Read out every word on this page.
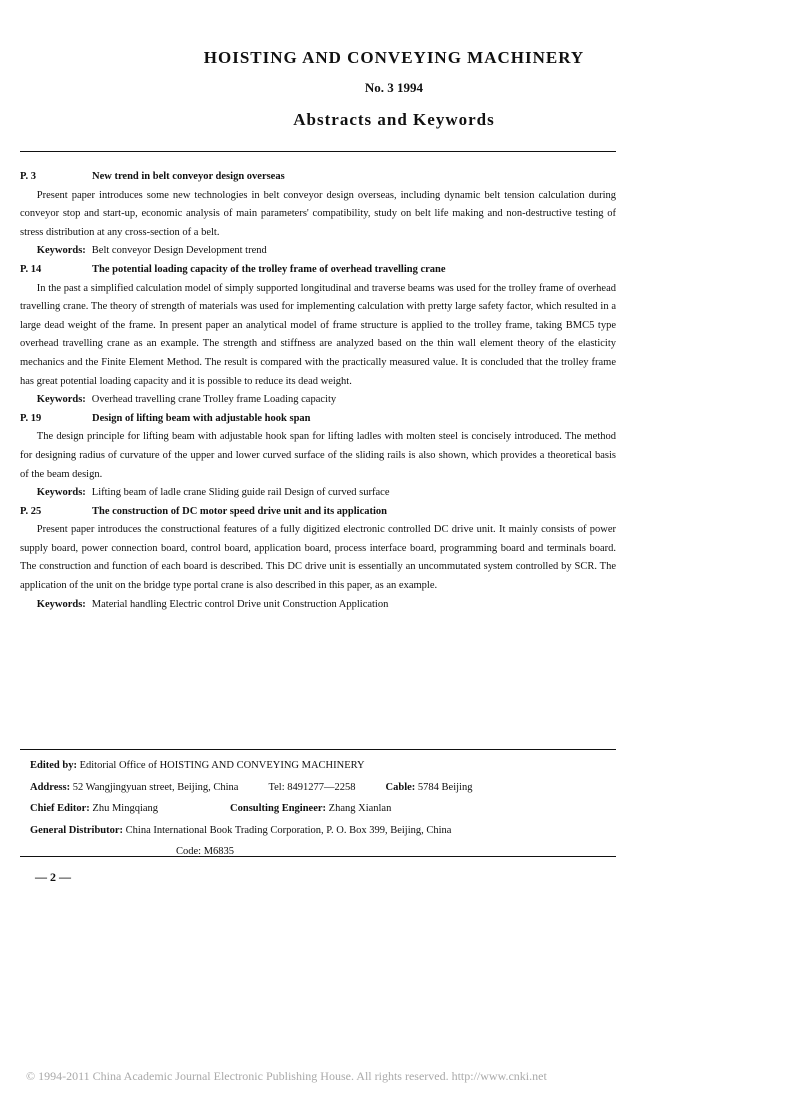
HOISTING AND CONVEYING MACHINERY
No. 3 1994
Abstracts and Keywords
P. 3	New trend in belt conveyor design overseas

Present paper introduces some new technologies in belt conveyor design overseas, including dynamic belt tension calculation during conveyor stop and start-up, economic analysis of main parameters' compatibility, study on belt life making and non-destructive testing of stress distribution at any cross-section of a belt.

Keywords: Belt conveyor Design Development trend
P. 14	The potential loading capacity of the trolley frame of overhead travelling crane

In the past a simplified calculation model of simply supported longitudinal and traverse beams was used for the trolley frame of overhead travelling crane. The theory of strength of materials was used for implementing calculation with pretty large safety factor, which resulted in a large dead weight of the frame. In present paper an analytical model of frame structure is applied to the trolley frame, taking BMC5 type overhead travelling crane as an example. The strength and stiffness are analyzed based on the thin wall element theory of the elasticity mechanics and the Finite Element Method. The result is compared with the practically measured value. It is concluded that the trolley frame has great potential loading capacity and it is possible to reduce its dead weight.

Keywords: Overhead travelling crane Trolley frame Loading capacity
P. 19	Design of lifting beam with adjustable hook span

The design principle for lifting beam with adjustable hook span for lifting ladles with molten steel is concisely introduced. The method for designing radius of curvature of the upper and lower curved surface of the sliding rails is also shown, which provides a theoretical basis of the beam design.

Keywords: Lifting beam of ladle crane Sliding guide rail Design of curved surface
P. 25	The construction of DC motor speed drive unit and its application

Present paper introduces the constructional features of a fully digitized electronic controlled DC drive unit. It mainly consists of power supply board, power connection board, control board, application board, process interface board, programming board and terminals board. The construction and function of each board is described. This DC drive unit is essentially an uncommutated system controlled by SCR. The application of the unit on the bridge type portal crane is also described in this paper, as an example.

Keywords: Material handling Electric control Drive unit Construction Application
Edited by: Editorial Office of HOISTING AND CONVEYING MACHINERY
Address: 52 Wangjingyuan street, Beijing, China	Tel: 8491277—2258	Cable: 5784 Beijing
Chief Editor: Zhu Mingqiang	Consulting Engineer: Zhang Xianlan
General Distributor: China International Book Trading Corporation, P. O. Box 399, Beijing, China
Code: M6835
— 2 —
© 1994-2011 China Academic Journal Electronic Publishing House. All rights reserved. http://www.cnki.net
